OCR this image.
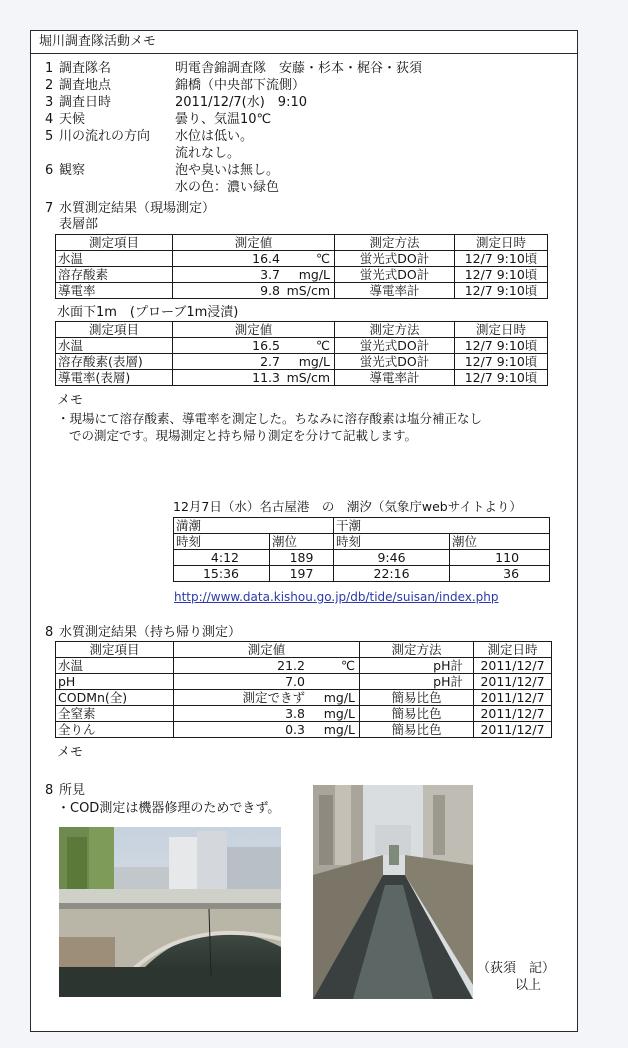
堀川調査隊活動メモ
1 調査隊名	明電舎錦調査隊　安藤・杉本・梶谷・荻須
2 調査地点	錦橋（中央部下流側）
3 調査日時	2011/12/7(水)　9:10
4 天候	曇り、気温10℃
5 川の流れの方向 水位は低い。
流れなし。
6 観察	泡や臭いは無し。
水の色：濃い緑色
7 水質測定結果（現場測定）
表層部
測定項目	測定値	測定方法	測定日時
水温	16.4 ℃	蛍光式DO計	12/7 9:10頃
溶存酸素	3.7 mg/L	蛍光式DO計	12/7 9:10頃
導電率	9.8 mS/cm	導電率計	12/7 9:10頃
水面下1m　(プローブ1m浸漬)
測定項目	測定値	測定方法	測定日時
水温	16.5 ℃	蛍光式DO計	12/7 9:10頃
溶存酸素(表層)	2.7 mg/L	蛍光式DO計	12/7 9:10頃
導電率(表層)	11.3 mS/cm	導電率計	12/7 9:10頃
メモ
・現場にて溶存酸素、導電率を測定した。ちなみに溶存酸素は塩分補正なし
での測定です。現場測定と持ち帰り測定を分けて記載します。
12月7日（水）名古屋港　の　潮汐（気象庁webサイトより）
満潮		干潮	
時刻	潮位	時刻	潮位
4:12	189	9:46	110
15:36	197	22:16	36
http://www.data.kishou.go.jp/db/tide/suisan/index.php
8 水質測定結果（持ち帰り測定）
測定項目	測定値	測定方法	測定日時
水温	21.2 ℃	pH計	2011/12/7
pH	7.0	pH計	2011/12/7
CODMn(全)	測定できず mg/L	簡易比色	2011/12/7
全窒素	3.8 mg/L	簡易比色	2011/12/7
全りん	0.3 mg/L	簡易比色	2011/12/7
メモ
8 所見
・COD測定は機器修理のためできず。
（荻須　記）
以上
